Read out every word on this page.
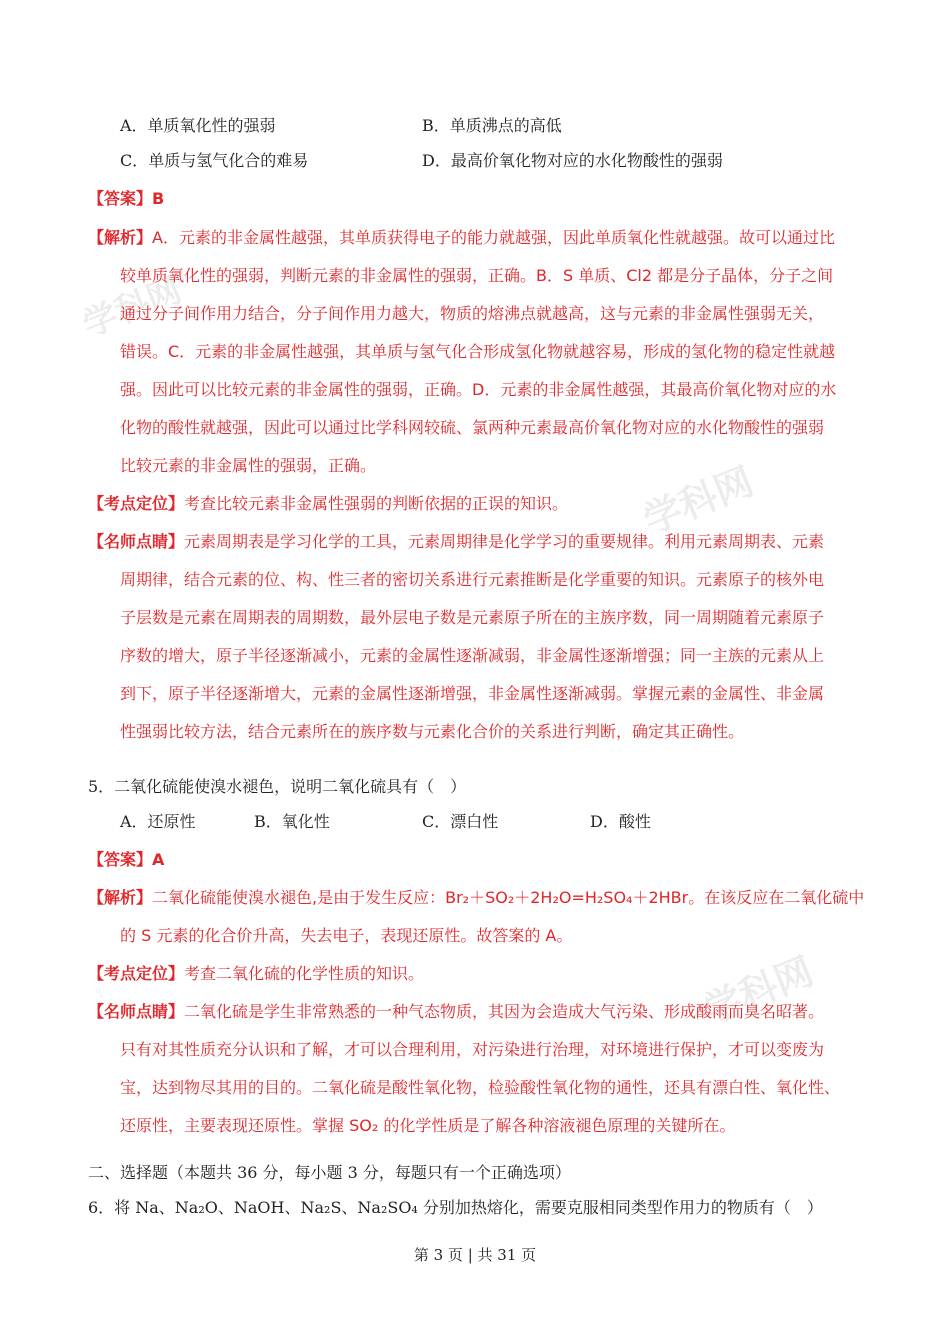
学科网
学科网
学科网
A．单质氧化性的强弱	B．单质沸点的高低
C．单质与氢气化合的难易	D．最高价氧化物对应的水化物酸性的强弱
【答案】B
【解析】A．元素的非金属性越强，其单质获得电子的能力就越强，因此单质氧化性就越强。故可以通过比
较单质氧化性的强弱，判断元素的非金属性的强弱，正确。B．S 单质、Cl2 都是分子晶体，分子之间
通过分子间作用力结合，分子间作用力越大，物质的熔沸点就越高，这与元素的非金属性强弱无关，
错误。C．元素的非金属性越强，其单质与氢气化合形成氢化物就越容易，形成的氢化物的稳定性就越
强。因此可以比较元素的非金属性的强弱，正确。D．元素的非金属性越强，其最高价氧化物对应的水
化物的酸性就越强，因此可以通过比学科网较硫、氯两种元素最高价氧化物对应的水化物酸性的强弱
比较元素的非金属性的强弱，正确。
【考点定位】考查比较元素非金属性强弱的判断依据的正误的知识。
【名师点睛】元素周期表是学习化学的工具，元素周期律是化学学习的重要规律。利用元素周期表、元素
周期律，结合元素的位、构、性三者的密切关系进行元素推断是化学重要的知识。元素原子的核外电
子层数是元素在周期表的周期数，最外层电子数是元素原子所在的主族序数，同一周期随着元素原子
序数的增大，原子半径逐渐减小，元素的金属性逐渐减弱，非金属性逐渐增强；同一主族的元素从上
到下，原子半径逐渐增大，元素的金属性逐渐增强，非金属性逐渐减弱。掌握元素的金属性、非金属
性强弱比较方法，结合元素所在的族序数与元素化合价的关系进行判断，确定其正确性。
5．二氧化硫能使溴水褪色，说明二氧化硫具有（　）
A．还原性	B．氧化性	C．漂白性	D．酸性
【答案】A
【解析】二氧化硫能使溴水褪色,是由于发生反应：Br₂＋SO₂＋2H₂O=H₂SO₄＋2HBr。在该反应在二氧化硫中
的 S 元素的化合价升高，失去电子，表现还原性。故答案的 A。
【考点定位】考查二氧化硫的化学性质的知识。
【名师点睛】二氧化硫是学生非常熟悉的一种气态物质，其因为会造成大气污染、形成酸雨而臭名昭著。
只有对其性质充分认识和了解，才可以合理利用，对污染进行治理，对环境进行保护，才可以变废为
宝，达到物尽其用的目的。二氧化硫是酸性氧化物，检验酸性氧化物的通性，还具有漂白性、氧化性、
还原性，主要表现还原性。掌握 SO₂ 的化学性质是了解各种溶液褪色原理的关键所在。
二、选择题（本题共 36 分，每小题 3 分，每题只有一个正确选项）
6．将 Na、Na₂O、NaOH、Na₂S、Na₂SO₄ 分别加热熔化，需要克服相同类型作用力的物质有（　）
第 3 页 | 共 31 页
